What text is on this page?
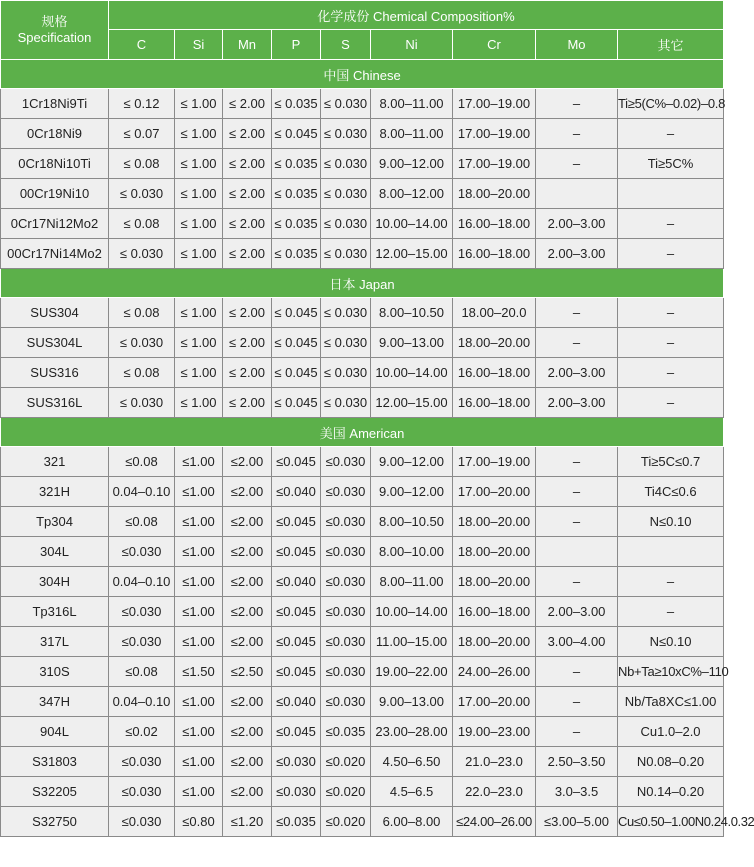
规格
Specification	化学成份 Chemical Composition%								
	C	Si	Mn	P	S	Ni	Cr	Mo	其它
中国 Chinese									
1Cr18Ni9Ti	≤ 0.12	≤ 1.00	≤ 2.00	≤ 0.035	≤ 0.030	8.00–11.00	17.00–19.00	–	Ti≥5(C%–0.02)–0.8
0Cr18Ni9	≤ 0.07	≤ 1.00	≤ 2.00	≤ 0.045	≤ 0.030	8.00–11.00	17.00–19.00	–	–
0Cr18Ni10Ti	≤ 0.08	≤ 1.00	≤ 2.00	≤ 0.035	≤ 0.030	9.00–12.00	17.00–19.00	–	Ti≥5C%
00Cr19Ni10	≤ 0.030	≤ 1.00	≤ 2.00	≤ 0.035	≤ 0.030	8.00–12.00	18.00–20.00		
0Cr17Ni12Mo2	≤ 0.08	≤ 1.00	≤ 2.00	≤ 0.035	≤ 0.030	10.00–14.00	16.00–18.00	2.00–3.00	–
00Cr17Ni14Mo2	≤ 0.030	≤ 1.00	≤ 2.00	≤ 0.035	≤ 0.030	12.00–15.00	16.00–18.00	2.00–3.00	–
日本 Japan									
SUS304	≤ 0.08	≤ 1.00	≤ 2.00	≤ 0.045	≤ 0.030	8.00–10.50	18.00–20.0	–	–
SUS304L	≤ 0.030	≤ 1.00	≤ 2.00	≤ 0.045	≤ 0.030	9.00–13.00	18.00–20.00	–	–
SUS316	≤ 0.08	≤ 1.00	≤ 2.00	≤ 0.045	≤ 0.030	10.00–14.00	16.00–18.00	2.00–3.00	–
SUS316L	≤ 0.030	≤ 1.00	≤ 2.00	≤ 0.045	≤ 0.030	12.00–15.00	16.00–18.00	2.00–3.00	–
美国 American									
321	≤0.08	≤1.00	≤2.00	≤0.045	≤0.030	9.00–12.00	17.00–19.00	–	Ti≥5C≤0.7
321H	0.04–0.10	≤1.00	≤2.00	≤0.040	≤0.030	9.00–12.00	17.00–20.00	–	Ti4C≤0.6
Tp304	≤0.08	≤1.00	≤2.00	≤0.045	≤0.030	8.00–10.50	18.00–20.00	–	N≤0.10
304L	≤0.030	≤1.00	≤2.00	≤0.045	≤0.030	8.00–10.00	18.00–20.00		
304H	0.04–0.10	≤1.00	≤2.00	≤0.040	≤0.030	8.00–11.00	18.00–20.00	–	–
Tp316L	≤0.030	≤1.00	≤2.00	≤0.045	≤0.030	10.00–14.00	16.00–18.00	2.00–3.00	–
317L	≤0.030	≤1.00	≤2.00	≤0.045	≤0.030	11.00–15.00	18.00–20.00	3.00–4.00	N≤0.10
310S	≤0.08	≤1.50	≤2.50	≤0.045	≤0.030	19.00–22.00	24.00–26.00	–	Nb+Ta≥10xC%–110
347H	0.04–0.10	≤1.00	≤2.00	≤0.040	≤0.030	9.00–13.00	17.00–20.00	–	Nb/Ta8XC≤1.00
904L	≤0.02	≤1.00	≤2.00	≤0.045	≤0.035	23.00–28.00	19.00–23.00	–	Cu1.0–2.0
S31803	≤0.030	≤1.00	≤2.00	≤0.030	≤0.020	4.50–6.50	21.0–23.0	2.50–3.50	N0.08–0.20
S32205	≤0.030	≤1.00	≤2.00	≤0.030	≤0.020	4.5–6.5	22.0–23.0	3.0–3.5	N0.14–0.20
S32750	≤0.030	≤0.80	≤1.20	≤0.035	≤0.020	6.00–8.00	≤24.00–26.00	≤3.00–5.00	Cu≤0.50–1.00N0.24.0.32
